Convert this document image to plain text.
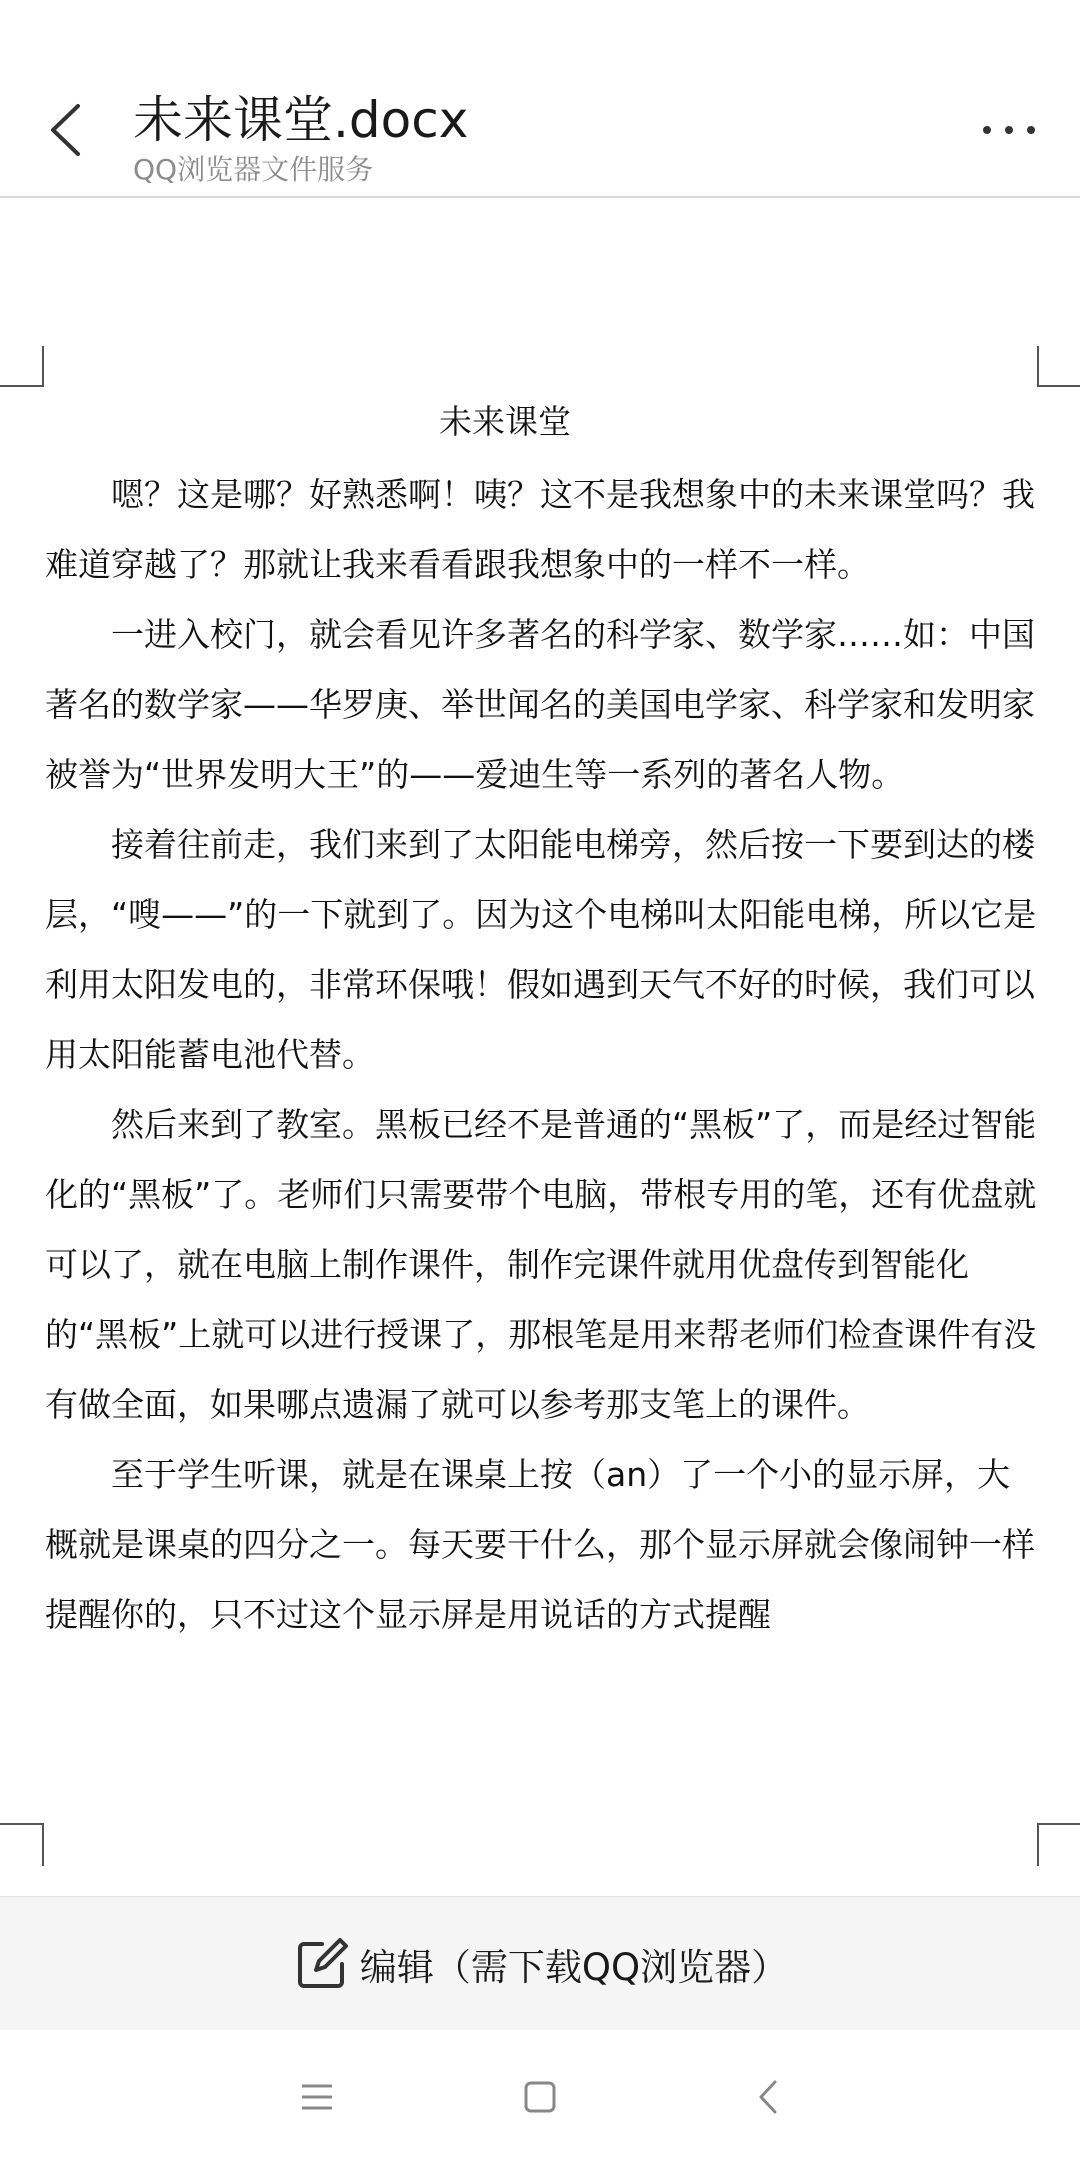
未来课堂.docx
QQ浏览器文件服务
未来课堂

嗯？这是哪？好熟悉啊！咦？这不是我想象中的未来课堂吗？我难道穿越了？那就让我来看看跟我想象中的一样不一样。

一进入校门，就会看见许多著名的科学家、数学家……如：中国著名的数学家——华罗庚、举世闻名的美国电学家、科学家和发明家被誉为“世界发明大王”的——爱迪生等一系列的著名人物。

接着往前走，我们来到了太阳能电梯旁，然后按一下要到达的楼层，“嗖——”的一下就到了。因为这个电梯叫太阳能电梯，所以它是利用太阳发电的，非常环保哦！假如遇到天气不好的时候，我们可以用太阳能蓄电池代替。

然后来到了教室。黑板已经不是普通的“黑板”了，而是经过智能化的“黑板”了。老师们只需要带个电脑，带根专用的笔，还有优盘就可以了，就在电脑上制作课件，制作完课件就用优盘传到智能化的“黑板”上就可以进行授课了，那根笔是用来帮老师们检查课件有没有做全面，如果哪点遗漏了就可以参考那支笔上的课件。

至于学生听课，就是在课桌上按（an）了一个小的显示屏，大概就是课桌的四分之一。每天要干什么，那个显示屏就会像闹钟一样提醒你的，只不过这个显示屏是用说话的方式提醒

编辑（需下载QQ浏览器）
